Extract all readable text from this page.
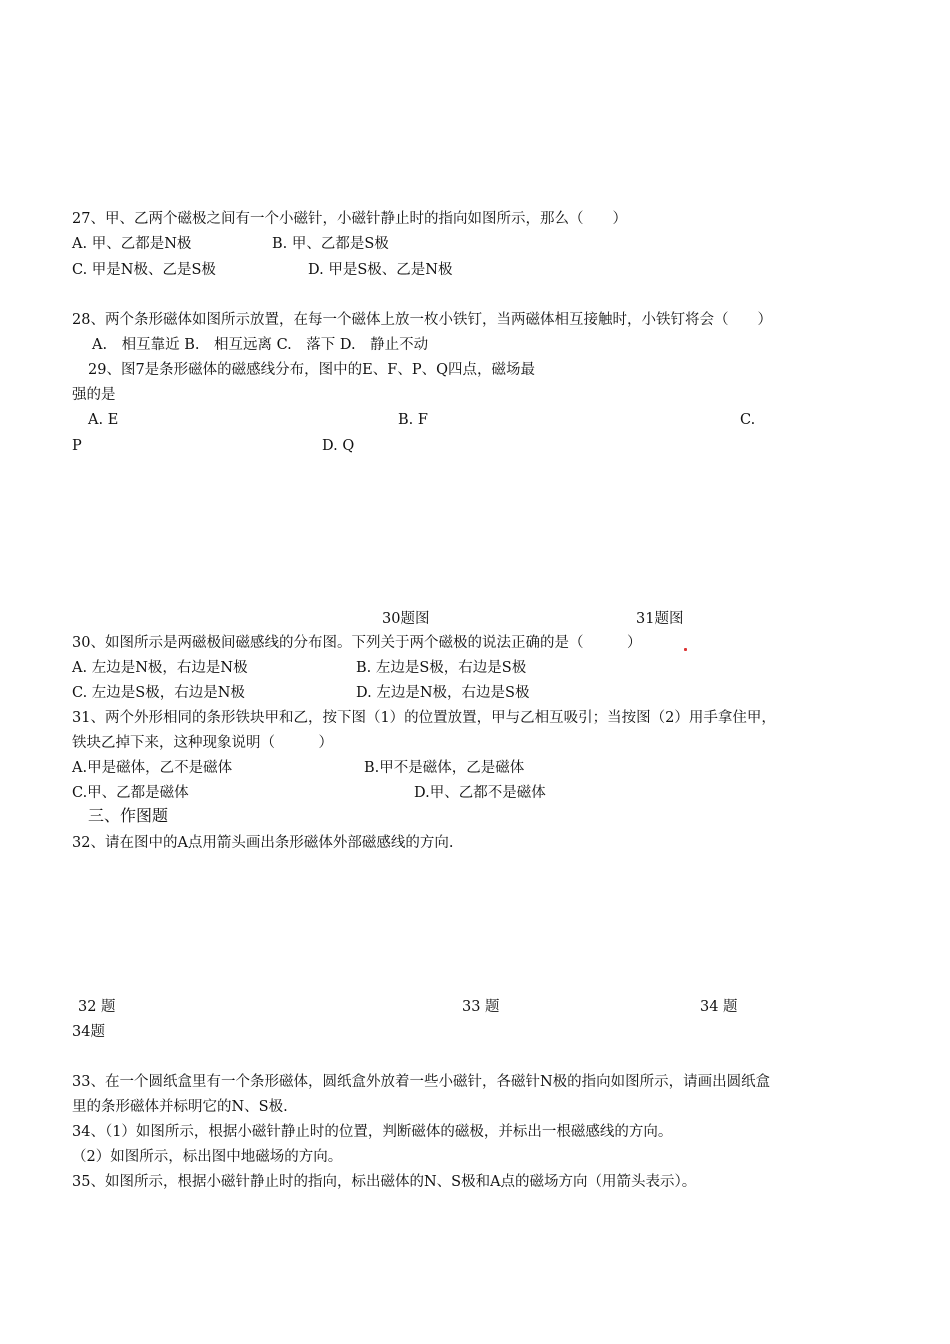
27、甲、乙两个磁极之间有一个小磁针，小磁针静止时的指向如图所示，那么（　　）
A. 甲、乙都是N极	B. 甲、乙都是S极
C. 甲是N极、乙是S极	D. 甲是S极、乙是N极
28、两个条形磁体如图所示放置，在每一个磁体上放一枚小铁钉，当两磁体相互接触时，小铁钉将会（　　）
A.　相互靠近 B.　相互远离 C.　落下 D.　静止不动
29、图7是条形磁体的磁感线分布，图中的E、F、P、Q四点，磁场最
强的是
A. E	B. F	C.
P	D. Q
30题图	31题图
30、如图所示是两磁极间磁感线的分布图。下列关于两个磁极的说法正确的是（　　　）
A. 左边是N极，右边是N极	B. 左边是S极，右边是S极
C. 左边是S极，右边是N极	D. 左边是N极，右边是S极
31、两个外形相同的条形铁块甲和乙，按下图（1）的位置放置，甲与乙相互吸引；当按图（2）用手拿住甲，
铁块乙掉下来，这种现象说明（　　　）
A.甲是磁体，乙不是磁体	B.甲不是磁体，乙是磁体
C.甲、乙都是磁体	D.甲、乙都不是磁体
三、作图题
32、请在图中的A点用箭头画出条形磁体外部磁感线的方向.
32 题	33 题	34 题
34题
33、在一个圆纸盒里有一个条形磁体，圆纸盒外放着一些小磁针，各磁针N极的指向如图所示，请画出圆纸盒
里的条形磁体并标明它的N、S极.
34、（1）如图所示，根据小磁针静止时的位置，判断磁体的磁极，并标出一根磁感线的方向。
（2）如图所示，标出图中地磁场的方向。
35、如图所示，根据小磁针静止时的指向，标出磁体的N、S极和A点的磁场方向（用箭头表示）。
